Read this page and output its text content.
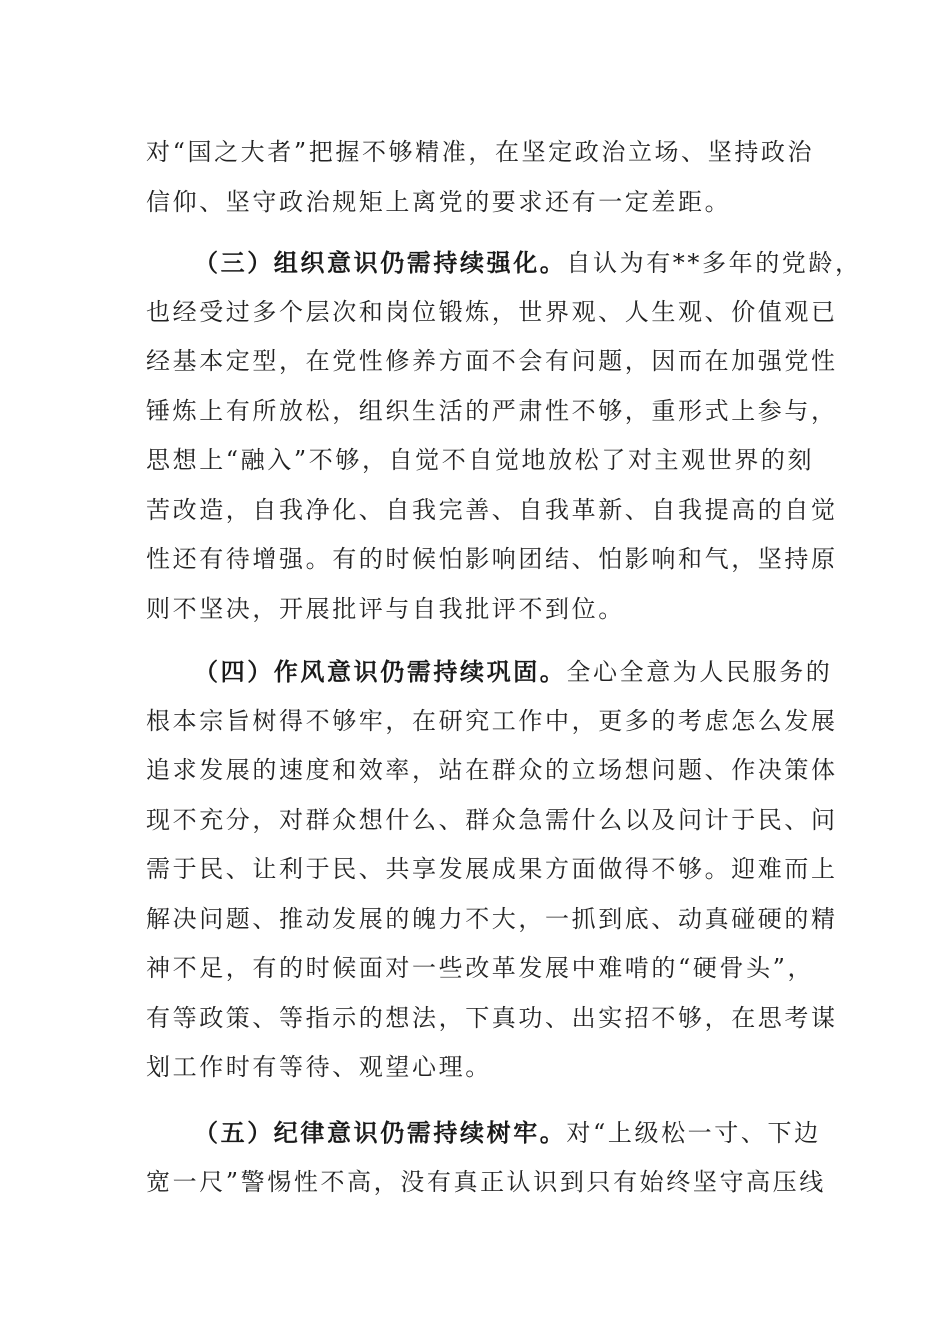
对“国之大者”把握不够精准，在坚定政治立场、坚持政治
信仰、坚守政治规矩上离党的要求还有一定差距。
（三）组织意识仍需持续强化。自认为有**多年的党龄，
也经受过多个层次和岗位锻炼，世界观、人生观、价值观已
经基本定型，在党性修养方面不会有问题，因而在加强党性
锤炼上有所放松，组织生活的严肃性不够，重形式上参与，
思想上“融入”不够，自觉不自觉地放松了对主观世界的刻
苦改造，自我净化、自我完善、自我革新、自我提高的自觉
性还有待增强。有的时候怕影响团结、怕影响和气，坚持原
则不坚决，开展批评与自我批评不到位。
（四）作风意识仍需持续巩固。全心全意为人民服务的
根本宗旨树得不够牢，在研究工作中，更多的考虑怎么发展
追求发展的速度和效率，站在群众的立场想问题、作决策体
现不充分，对群众想什么、群众急需什么以及问计于民、问
需于民、让利于民、共享发展成果方面做得不够。迎难而上
解决问题、推动发展的魄力不大，一抓到底、动真碰硬的精
神不足，有的时候面对一些改革发展中难啃的“硬骨头”，
有等政策、等指示的想法，下真功、出实招不够，在思考谋
划工作时有等待、观望心理。
（五）纪律意识仍需持续树牢。对“上级松一寸、下边
宽一尺”警惕性不高，没有真正认识到只有始终坚守高压线
